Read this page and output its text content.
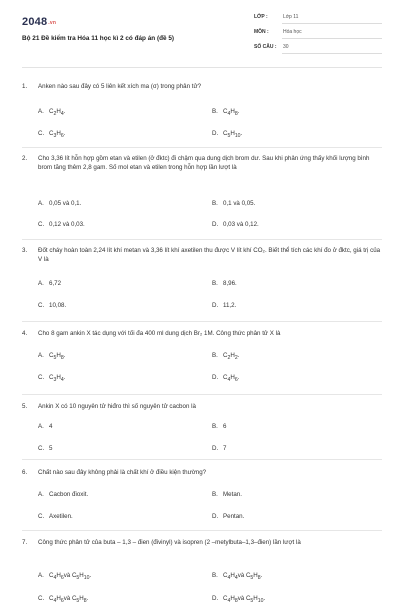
2048.vn
Bộ 21 Đề kiểm tra Hóa 11 học kì 2 có đáp án (đề 5)
LỚP :	Lớp 11
MÔN :	Hóa học
SỐ CÂU : 30
1.	Anken nào sau đây có 5 liên kết xích ma (σ) trong phân tử?
A. $C_2H_4$.	B. $C_4H_8$.
C. $C_3H_6$.	D. $C_5H_{10}$.
2.	Cho 3,36 lít hỗn hợp gồm etan và etilen (ở đktc) đi chậm qua dung dịch brom dư. Sau khi phản ứng thấy khối lượng bình brom tăng thêm 2,8 gam. Số mol etan và etilen trong hỗn hợp lần lượt là
A. 0,05 và 0,1.	B. 0,1 và 0,05.
C. 0,12 và 0,03.	D. 0,03 và 0,12.
3.	Đốt cháy hoàn toàn 2,24 lít khí metan và 3,36 lít khí axetilen thu được V lít khí CO₂. Biết thể tích các khí đo ở đktc, giá trị của V là
A. 6,72	B. 8,96.
C. 10,08.	D. 11,2.
4.	Cho 8 gam ankin X tác dụng với tối đa 400 ml dung dịch Br₂ 1M. Công thức phân tử X là
A. $C_5H_8$.	B. $C_2H_2$.
C. $C_3H_4$.	D. $C_4H_6$.
5.	Ankin X có 10 nguyên tử hiđro thì số nguyên tử cacbon là
A. 4	B. 6
C. 5	D. 7
6.	Chất nào sau đây không phải là chất khí ở điều kiện thường?
A. Cacbon đioxit.	B. Metan.
C. Axetilen.	D. Pentan.
7.	Công thức phân tử của buta – 1,3 – đien (đivinyl) và isopren (2 –metylbuta–1,3–đien) lần lượt là
A. $C_4H_6và$ $C_5H_{10}$.	B. $C_4H_4và$ $C_5H_8$.
C. $C_4H_6và$ $C_5H_8$.	D. $C_4H_8và$ $C_5H_{10}$.
